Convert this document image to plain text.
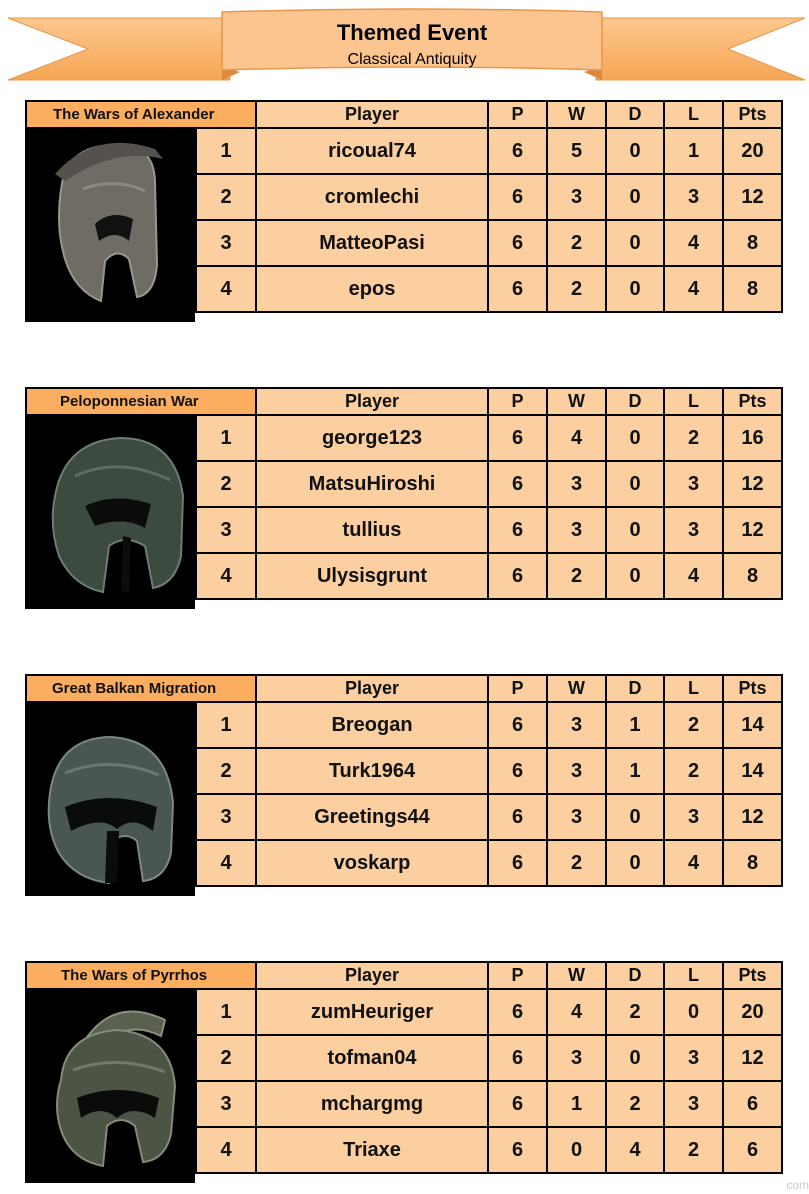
Themed Event
Classical Antiquity
The Wars of Alexander		Player	P	W	D	L	Pts
	1	ricoual74	6	5	0	1	20
	2	cromlechi	6	3	0	3	12
	3	MatteoPasi	6	2	0	4	8
	4	epos	6	2	0	4	8
Peloponnesian War		Player	P	W	D	L	Pts
	1	george123	6	4	0	2	16
	2	MatsuHiroshi	6	3	0	3	12
	3	tullius	6	3	0	3	12
	4	Ulysisgrunt	6	2	0	4	8
Great Balkan Migration		Player	P	W	D	L	Pts
	1	Breogan	6	3	1	2	14
	2	Turk1964	6	3	1	2	14
	3	Greetings44	6	3	0	3	12
	4	voskarp	6	2	0	4	8
The Wars of Pyrrhos		Player	P	W	D	L	Pts
	1	zumHeuriger	6	4	2	0	20
	2	tofman04	6	3	0	3	12
	3	mchargmg	6	1	2	3	6
	4	Triaxe	6	0	4	2	6
com
